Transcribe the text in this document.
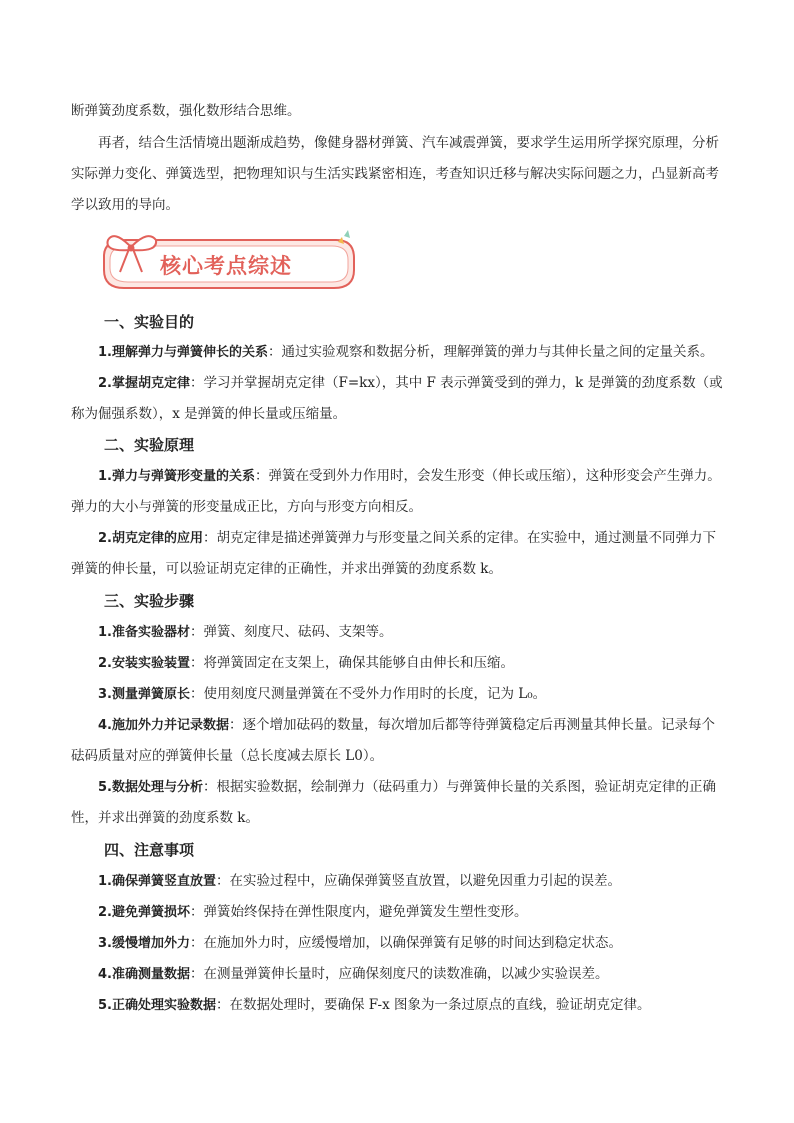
断弹簧劲度系数，强化数形结合思维。

再者，结合生活情境出题渐成趋势，像健身器材弹簧、汽车减震弹簧，要求学生运用所学探究原理，分析实际弹力变化、弹簧选型，把物理知识与生活实践紧密相连，考查知识迁移与解决实际问题之力，凸显新高考学以致用的导向。

核心考点综述
一、实验目的

1.理解弹力与弹簧伸长的关系：通过实验观察和数据分析，理解弹簧的弹力与其伸长量之间的定量关系。

2.掌握胡克定律：学习并掌握胡克定律（F=kx），其中 F 表示弹簧受到的弹力，k 是弹簧的劲度系数（或称为倔强系数），x 是弹簧的伸长量或压缩量。

二、实验原理

1.弹力与弹簧形变量的关系：弹簧在受到外力作用时，会发生形变（伸长或压缩），这种形变会产生弹力。弹力的大小与弹簧的形变量成正比，方向与形变方向相反。

2.胡克定律的应用：胡克定律是描述弹簧弹力与形变量之间关系的定律。在实验中，通过测量不同弹力下弹簧的伸长量，可以验证胡克定律的正确性，并求出弹簧的劲度系数 k。

三、实验步骤

1.准备实验器材：弹簧、刻度尺、砝码、支架等。

2.安装实验装置：将弹簧固定在支架上，确保其能够自由伸长和压缩。

3.测量弹簧原长：使用刻度尺测量弹簧在不受外力作用时的长度，记为 L₀。

4.施加外力并记录数据：逐个增加砝码的数量，每次增加后都等待弹簧稳定后再测量其伸长量。记录每个砝码质量对应的弹簧伸长量（总长度减去原长 L0）。

5.数据处理与分析：根据实验数据，绘制弹力（砝码重力）与弹簧伸长量的关系图，验证胡克定律的正确性，并求出弹簧的劲度系数 k。

四、注意事项

1.确保弹簧竖直放置：在实验过程中，应确保弹簧竖直放置，以避免因重力引起的误差。

2.避免弹簧损坏：弹簧始终保持在弹性限度内，避免弹簧发生塑性变形。

3.缓慢增加外力：在施加外力时，应缓慢增加，以确保弹簧有足够的时间达到稳定状态。

4.准确测量数据：在测量弹簧伸长量时，应确保刻度尺的读数准确，以减少实验误差。

5.正确处理实验数据：在数据处理时，要确保 F-x 图象为一条过原点的直线，验证胡克定律。
